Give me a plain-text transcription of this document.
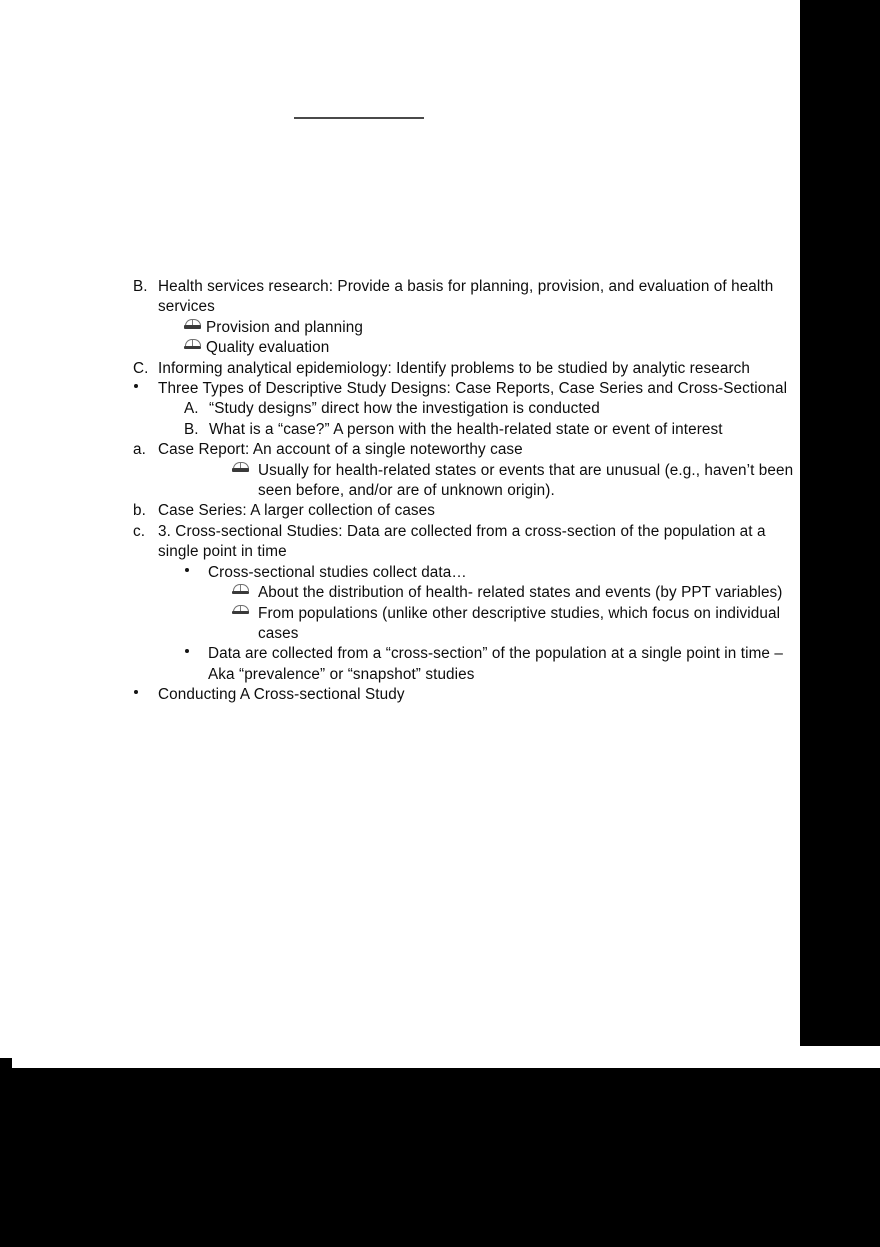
B. Health services research: Provide a basis for planning, provision, and evaluation of health services
Provision and planning
Quality evaluation
C. Informing analytical epidemiology: Identify problems to be studied by analytic research
Three Types of Descriptive Study Designs: Case Reports, Case Series and Cross-Sectional
A. “Study designs” direct how the investigation is conducted
B. What is a “case?” A person with the health-related state or event of interest
a. Case Report: An account of a single noteworthy case
Usually for health-related states or events that are unusual (e.g., haven’t been seen before, and/or are of unknown origin).
b. Case Series: A larger collection of cases
c. 3. Cross-sectional Studies: Data are collected from a cross-section of the population at a single point in time
Cross-sectional studies collect data…
About the distribution of health- related states and events (by PPT variables)
From populations (unlike other descriptive studies, which focus on individual cases
Data are collected from a “cross-section” of the population at a single point in time – Aka “prevalence” or “snapshot” studies
Conducting A Cross-sectional Study
